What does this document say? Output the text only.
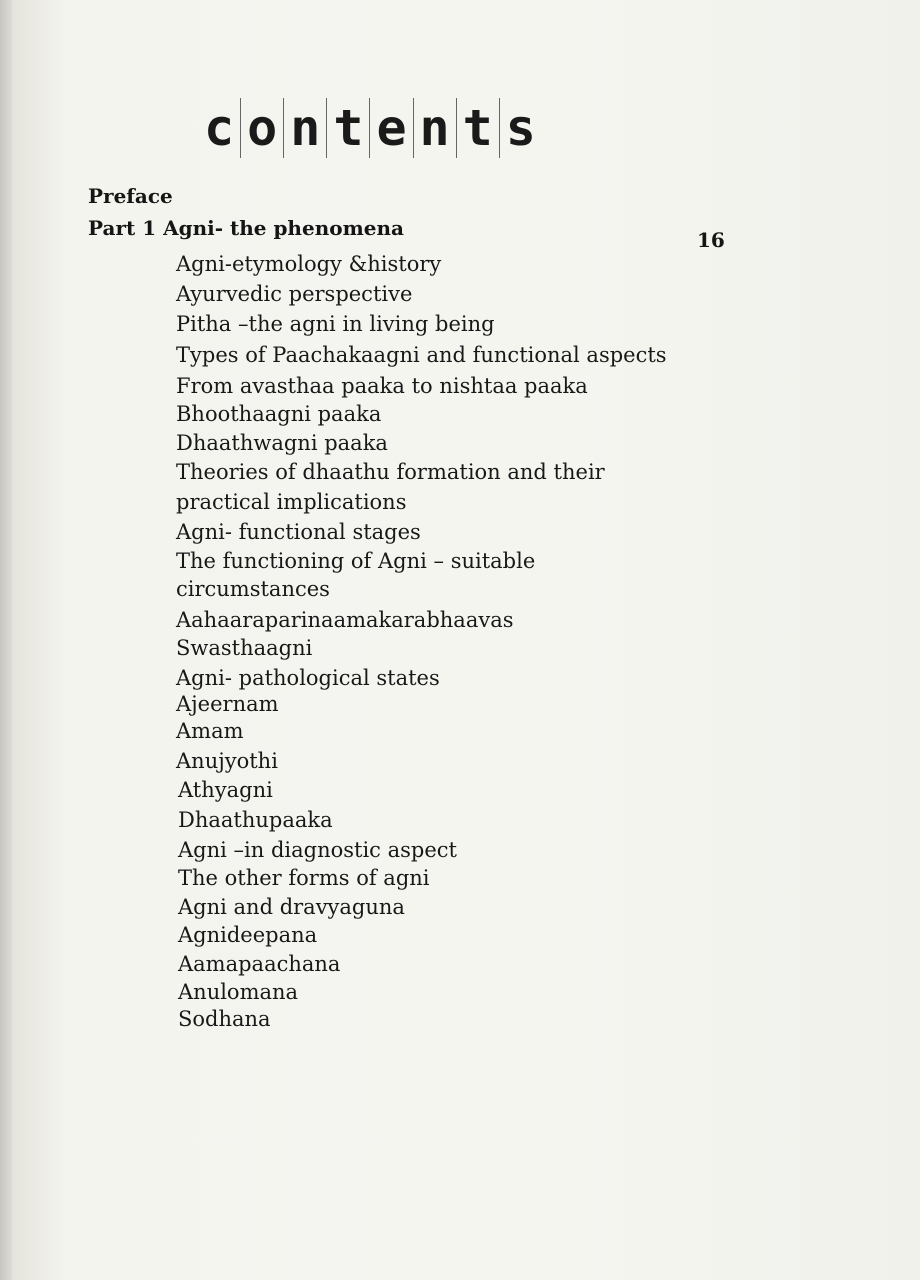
c o n t e n t s
Preface
Part 1 Agni- the phenomena	16
Agni-etymology &history
Ayurvedic perspective
Pitha –the agni in living being
Types of Paachakaagni and functional aspects
From avasthaa paaka to nishtaa paaka
Bhoothaagni paaka
Dhaathwagni paaka
Theories of dhaathu formation and their
practical implications
Agni- functional stages
The functioning of Agni – suitable
circumstances
Aahaaraparinaamakarabhaavas
Swasthaagni
Agni- pathological states
Ajeernam
Amam
Anujyothi
Athyagni
Dhaathupaaka
Agni –in diagnostic aspect
The other forms of agni
Agni and dravyaguna
Agnideepana
Aamapaachana
Anulomana
Sodhana
